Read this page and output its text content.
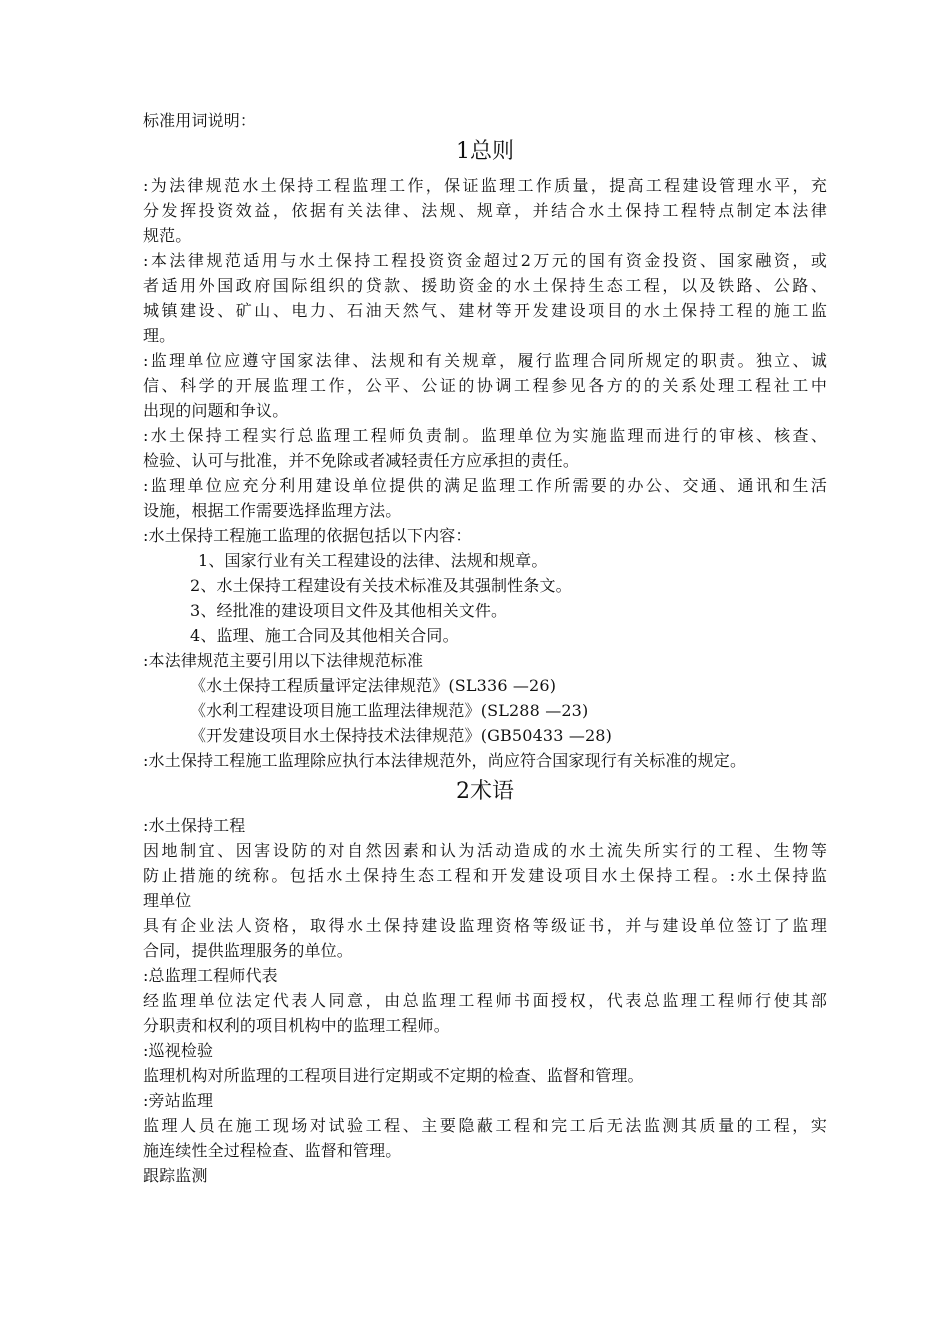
标准用词说明：
1总则
:为法律规范水土保持工程监理工作，保证监理工作质量，提高工程建设管理水平，充
分发挥投资效益，依据有关法律、法规、规章，并结合水土保持工程特点制定本法律
规范。
:本法律规范适用与水土保持工程投资资金超过2万元的国有资金投资、国家融资，或
者适用外国政府国际组织的贷款、援助资金的水土保持生态工程，以及铁路、公路、
城镇建设、矿山、电力、石油天然气、建材等开发建设项目的水土保持工程的施工监
理。
:监理单位应遵守国家法律、法规和有关规章，履行监理合同所规定的职责。独立、诚
信、科学的开展监理工作，公平、公证的协调工程参见各方的的关系处理工程社工中
出现的问题和争议。
:水土保持工程实行总监理工程师负责制。监理单位为实施监理而进行的审核、核查、
检验、认可与批准，并不免除或者减轻责任方应承担的责任。
:监理单位应充分利用建设单位提供的满足监理工作所需要的办公、交通、通讯和生活
设施，根据工作需要选择监理方法。
:水土保持工程施工监理的依据包括以下内容：
1、国家行业有关工程建设的法律、法规和规章。
2、水土保持工程建设有关技术标准及其强制性条文。
3、经批准的建设项目文件及其他相关文件。
4、监理、施工合同及其他相关合同。
:本法律规范主要引用以下法律规范标准
《水土保持工程质量评定法律规范》(SL336 —26)
《水利工程建设项目施工监理法律规范》(SL288 —23)
《开发建设项目水土保持技术法律规范》(GB50433 —28)
:水土保持工程施工监理除应执行本法律规范外，尚应符合国家现行有关标准的规定。
2术语
:水土保持工程
因地制宜、因害设防的对自然因素和认为活动造成的水土流失所实行的工程、生物等
防止措施的统称。包括水土保持生态工程和开发建设项目水土保持工程。:水土保持监
理单位
具有企业法人资格，取得水土保持建设监理资格等级证书，并与建设单位签订了监理
合同，提供监理服务的单位。
:总监理工程师代表
经监理单位法定代表人同意，由总监理工程师书面授权，代表总监理工程师行使其部
分职责和权利的项目机构中的监理工程师。
:巡视检验
监理机构对所监理的工程项目进行定期或不定期的检查、监督和管理。
:旁站监理
监理人员在施工现场对试验工程、主要隐蔽工程和完工后无法监测其质量的工程，实
施连续性全过程检查、监督和管理。
跟踪监测
